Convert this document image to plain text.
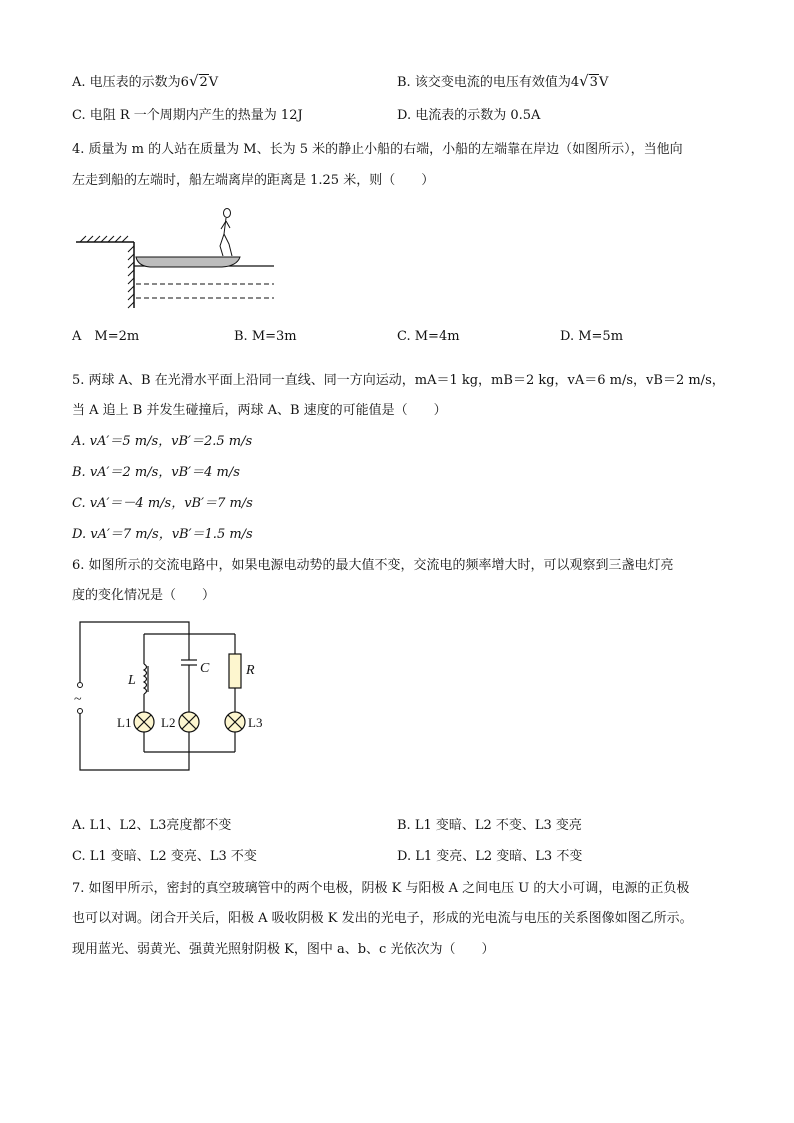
A. 电压表的示数为6√2V	B. 该交变电流的电压有效值为4√3V
C. 电阻 R 一个周期内产生的热量为 12J	D. 电流表的示数为 0.5A
4. 质量为 m 的人站在质量为 M、长为 5 米的静止小船的右端，小船的左端靠在岸边（如图所示），当他向
左走到船的左端时，船左端离岸的距离是 1.25 米，则（　　）
A　M=2m	B. M=3m	C. M=4m	D. M=5m
5. 两球 A、B 在光滑水平面上沿同一直线、同一方向运动，mA＝1 kg，mB＝2 kg，vA＝6 m/s，vB＝2 m/s，
当 A 追上 B 并发生碰撞后，两球 A、B 速度的可能值是（　　）
A. vA′＝5 m/s，vB′＝2.5 m/s
B. vA′＝2 m/s，vB′＝4 m/s
C. vA′＝－4 m/s，vB′＝7 m/s
D. vA′＝7 m/s，vB′＝1.5 m/s
6. 如图所示的交流电路中，如果电源电动势的最大值不变，交流电的频率增大时，可以观察到三盏电灯亮
度的变化情况是（　　）
~
L
C	R
L1 L2	L3
A. L1、L2、L3亮度都不变	B. L1 变暗、L2 不变、L3 变亮
C. L1 变暗、L2 变亮、L3 不变	D. L1 变亮、L2 变暗、L3 不变
7. 如图甲所示，密封的真空玻璃管中的两个电极，阴极 K 与阳极 A 之间电压 U 的大小可调，电源的正负极
也可以对调。闭合开关后，阳极 A 吸收阴极 K 发出的光电子，形成的光电流与电压的关系图像如图乙所示。
现用蓝光、弱黄光、强黄光照射阴极 K，图中 a、b、c 光依次为（　　）
